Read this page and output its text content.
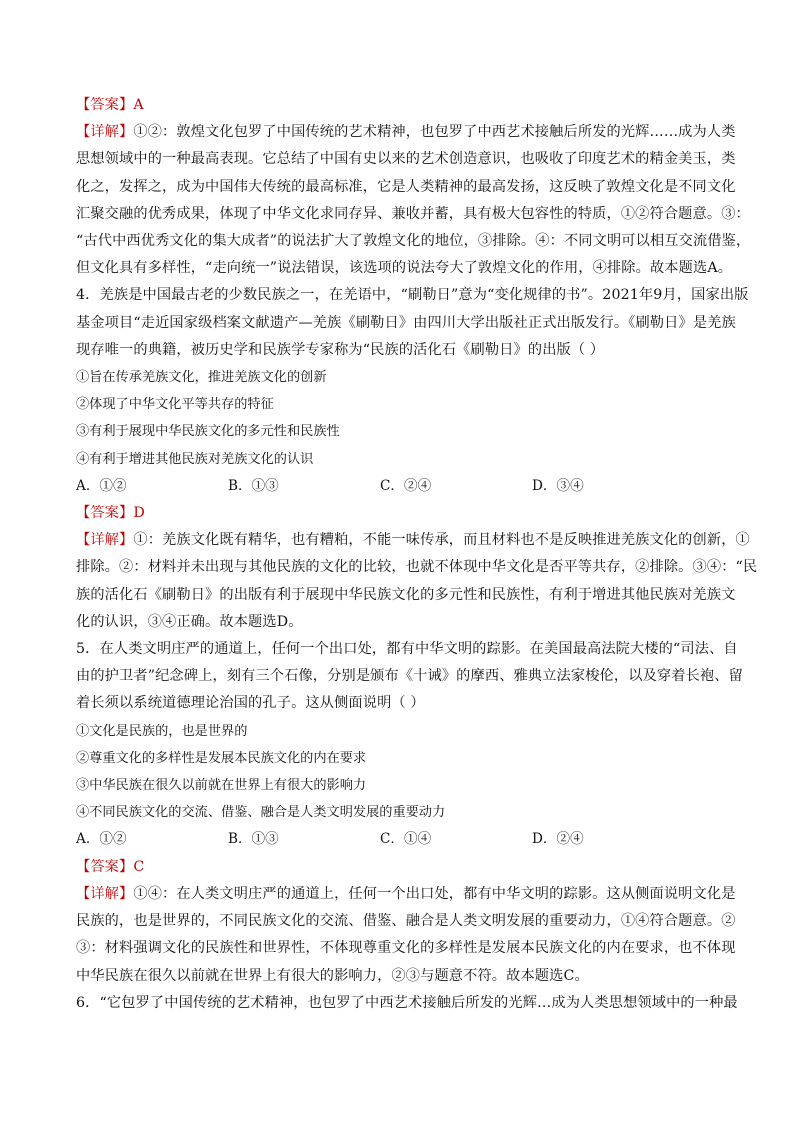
【答案】A
【详解】①②：敦煌文化包罗了中国传统的艺术精神，也包罗了中西艺术接触后所发的光辉……成为人类
思想领域中的一种最高表现。它总结了中国有史以来的艺术创造意识，也吸收了印度艺术的精金美玉，类
化之，发挥之，成为中国伟大传统的最高标准，它是人类精神的最高发扬，这反映了敦煌文化是不同文化
汇聚交融的优秀成果，体现了中华文化求同存异、兼收并蓄，具有极大包容性的特质，①②符合题意。③：
“古代中西优秀文化的集大成者”的说法扩大了敦煌文化的地位，③排除。④：不同文明可以相互交流借鉴，
但文化具有多样性，“走向统一”说法错误，该选项的说法夸大了敦煌文化的作用，④排除。故本题选A。
4．羌族是中国最古老的少数民族之一，在羌语中，“刷勒日”意为“变化规律的书”。2021年9月，国家出版
基金项目“走近国家级档案文献遗产—羌族《刷勒日》由四川大学出版社正式出版发行。《刷勒日》是羌族
现存唯一的典籍，被历史学和民族学专家称为“民族的活化石《刷勒日》的出版（ ）
①旨在传承羌族文化，推进羌族文化的创新
②体现了中华文化平等共存的特征
③有利于展现中华民族文化的多元性和民族性
④有利于增进其他民族对羌族文化的认识
A．①②	B．①③	C．②④	D．③④
【答案】D
【详解】①：羌族文化既有精华，也有糟粕，不能一味传承，而且材料也不是反映推进羌族文化的创新，①
排除。②：材料并未出现与其他民族的文化的比较，也就不体现中华文化是否平等共存，②排除。③④：“民
族的活化石《刷勒日》的出版有利于展现中华民族文化的多元性和民族性，有利于增进其他民族对羌族文
化的认识，③④正确。故本题选D。
5．在人类文明庄严的通道上，任何一个出口处，都有中华文明的踪影。在美国最高法院大楼的“司法、自
由的护卫者”纪念碑上，刻有三个石像，分别是颁布《十诫》的摩西、雅典立法家梭伦，以及穿着长袍、留
着长须以系统道德理论治国的孔子。这从侧面说明（ ）
①文化是民族的，也是世界的
②尊重文化的多样性是发展本民族文化的内在要求
③中华民族在很久以前就在世界上有很大的影响力
④不同民族文化的交流、借鉴、融合是人类文明发展的重要动力
A．①②	B．①③	C．①④	D．②④
【答案】C
【详解】①④：在人类文明庄严的通道上，任何一个出口处，都有中华文明的踪影。这从侧面说明文化是
民族的，也是世界的，不同民族文化的交流、借鉴、融合是人类文明发展的重要动力，①④符合题意。②
③：材料强调文化的民族性和世界性，不体现尊重文化的多样性是发展本民族文化的内在要求，也不体现
中华民族在很久以前就在世界上有很大的影响力，②③与题意不符。故本题选C。
6．“它包罗了中国传统的艺术精神，也包罗了中西艺术接触后所发的光辉…成为人类思想领域中的一种最
